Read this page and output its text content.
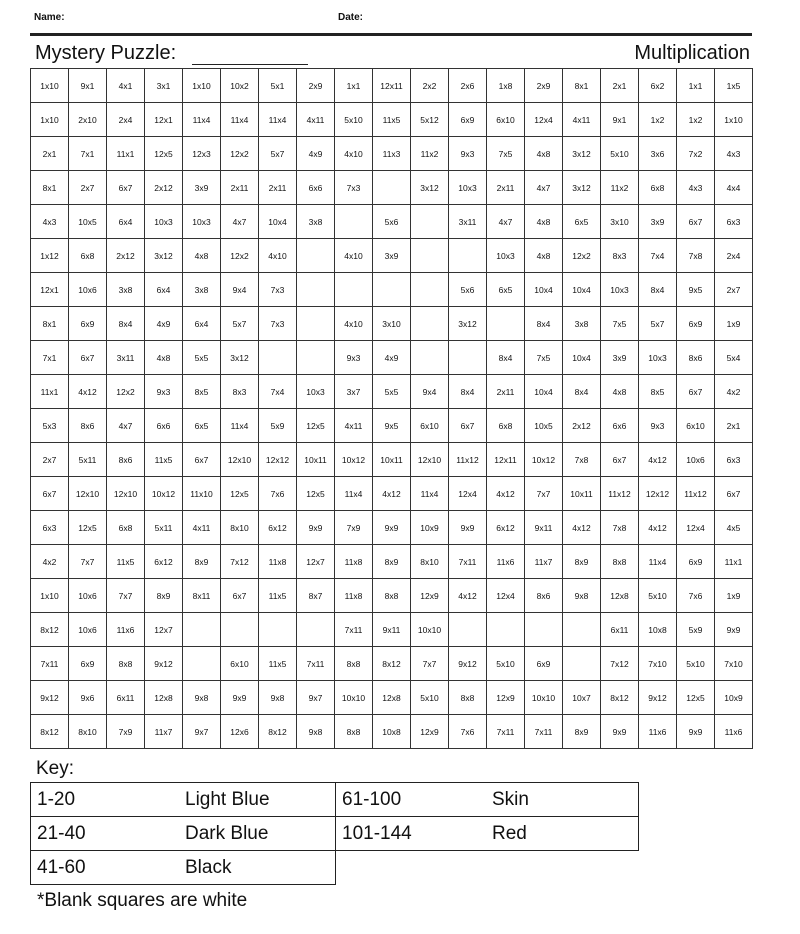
Name:	Date:
Mystery Puzzle:	Multiplication
1x10	9x1	4x1	3x1	1x10	10x2	5x1	2x9	1x1	12x11	2x2	2x6	1x8	2x9	8x1	2x1	6x2	1x1	1x5
1x10	2x10	2x4	12x1	11x4	11x4	11x4	4x11	5x10	11x5	5x12	6x9	6x10	12x4	4x11	9x1	1x2	1x2	1x10
2x1	7x1	11x1	12x5	12x3	12x2	5x7	4x9	4x10	11x3	11x2	9x3	7x5	4x8	3x12	5x10	3x6	7x2	4x3
8x1	2x7	6x7	2x12	3x9	2x11	2x11	6x6	7x3		3x12	10x3	2x11	4x7	3x12	11x2	6x8	4x3	4x4
4x3	10x5	6x4	10x3	10x3	4x7	10x4	3x8		5x6		3x11	4x7	4x8	6x5	3x10	3x9	6x7	6x3
1x12	6x8	2x12	3x12	4x8	12x2	4x10		4x10	3x9			10x3	4x8	12x2	8x3	7x4	7x8	2x4
12x1	10x6	3x8	6x4	3x8	9x4	7x3					5x6	6x5	10x4	10x4	10x3	8x4	9x5	2x7
8x1	6x9	8x4	4x9	6x4	5x7	7x3		4x10	3x10		3x12		8x4	3x8	7x5	5x7	6x9	1x9
7x1	6x7	3x11	4x8	5x5	3x12			9x3	4x9			8x4	7x5	10x4	3x9	10x3	8x6	5x4
11x1	4x12	12x2	9x3	8x5	8x3	7x4	10x3	3x7	5x5	9x4	8x4	2x11	10x4	8x4	4x8	8x5	6x7	4x2
5x3	8x6	4x7	6x6	6x5	11x4	5x9	12x5	4x11	9x5	6x10	6x7	6x8	10x5	2x12	6x6	9x3	6x10	2x1
2x7	5x11	8x6	11x5	6x7	12x10	12x12	10x11	10x12	10x11	12x10	11x12	12x11	10x12	7x8	6x7	4x12	10x6	6x3
6x7	12x10	12x10	10x12	11x10	12x5	7x6	12x5	11x4	4x12	11x4	12x4	4x12	7x7	10x11	11x12	12x12	11x12	6x7
6x3	12x5	6x8	5x11	4x11	8x10	6x12	9x9	7x9	9x9	10x9	9x9	6x12	9x11	4x12	7x8	4x12	12x4	4x5
4x2	7x7	11x5	6x12	8x9	7x12	11x8	12x7	11x8	8x9	8x10	7x11	11x6	11x7	8x9	8x8	11x4	6x9	11x1
1x10	10x6	7x7	8x9	8x11	6x7	11x5	8x7	11x8	8x8	12x9	4x12	12x4	8x6	9x8	12x8	5x10	7x6	1x9
8x12	10x6	11x6	12x7					7x11	9x11	10x10					6x11	10x8	5x9	9x9
7x11	6x9	8x8	9x12		6x10	11x5	7x11	8x8	8x12	7x7	9x12	5x10	6x9		7x12	7x10	5x10	7x10
9x12	9x6	6x11	12x8	9x8	9x9	9x8	9x7	10x10	12x8	5x10	8x8	12x9	10x10	10x7	8x12	9x12	12x5	10x9
8x12	8x10	7x9	11x7	9x7	12x6	8x12	9x8	8x8	10x8	12x9	7x6	7x11	7x11	8x9	9x9	11x6	9x9	11x6
Key:
1-20 Light Blue	61-100 Skin
21-40 Dark Blue	101-144 Red
41-60 Black	
*Blank squares are white
